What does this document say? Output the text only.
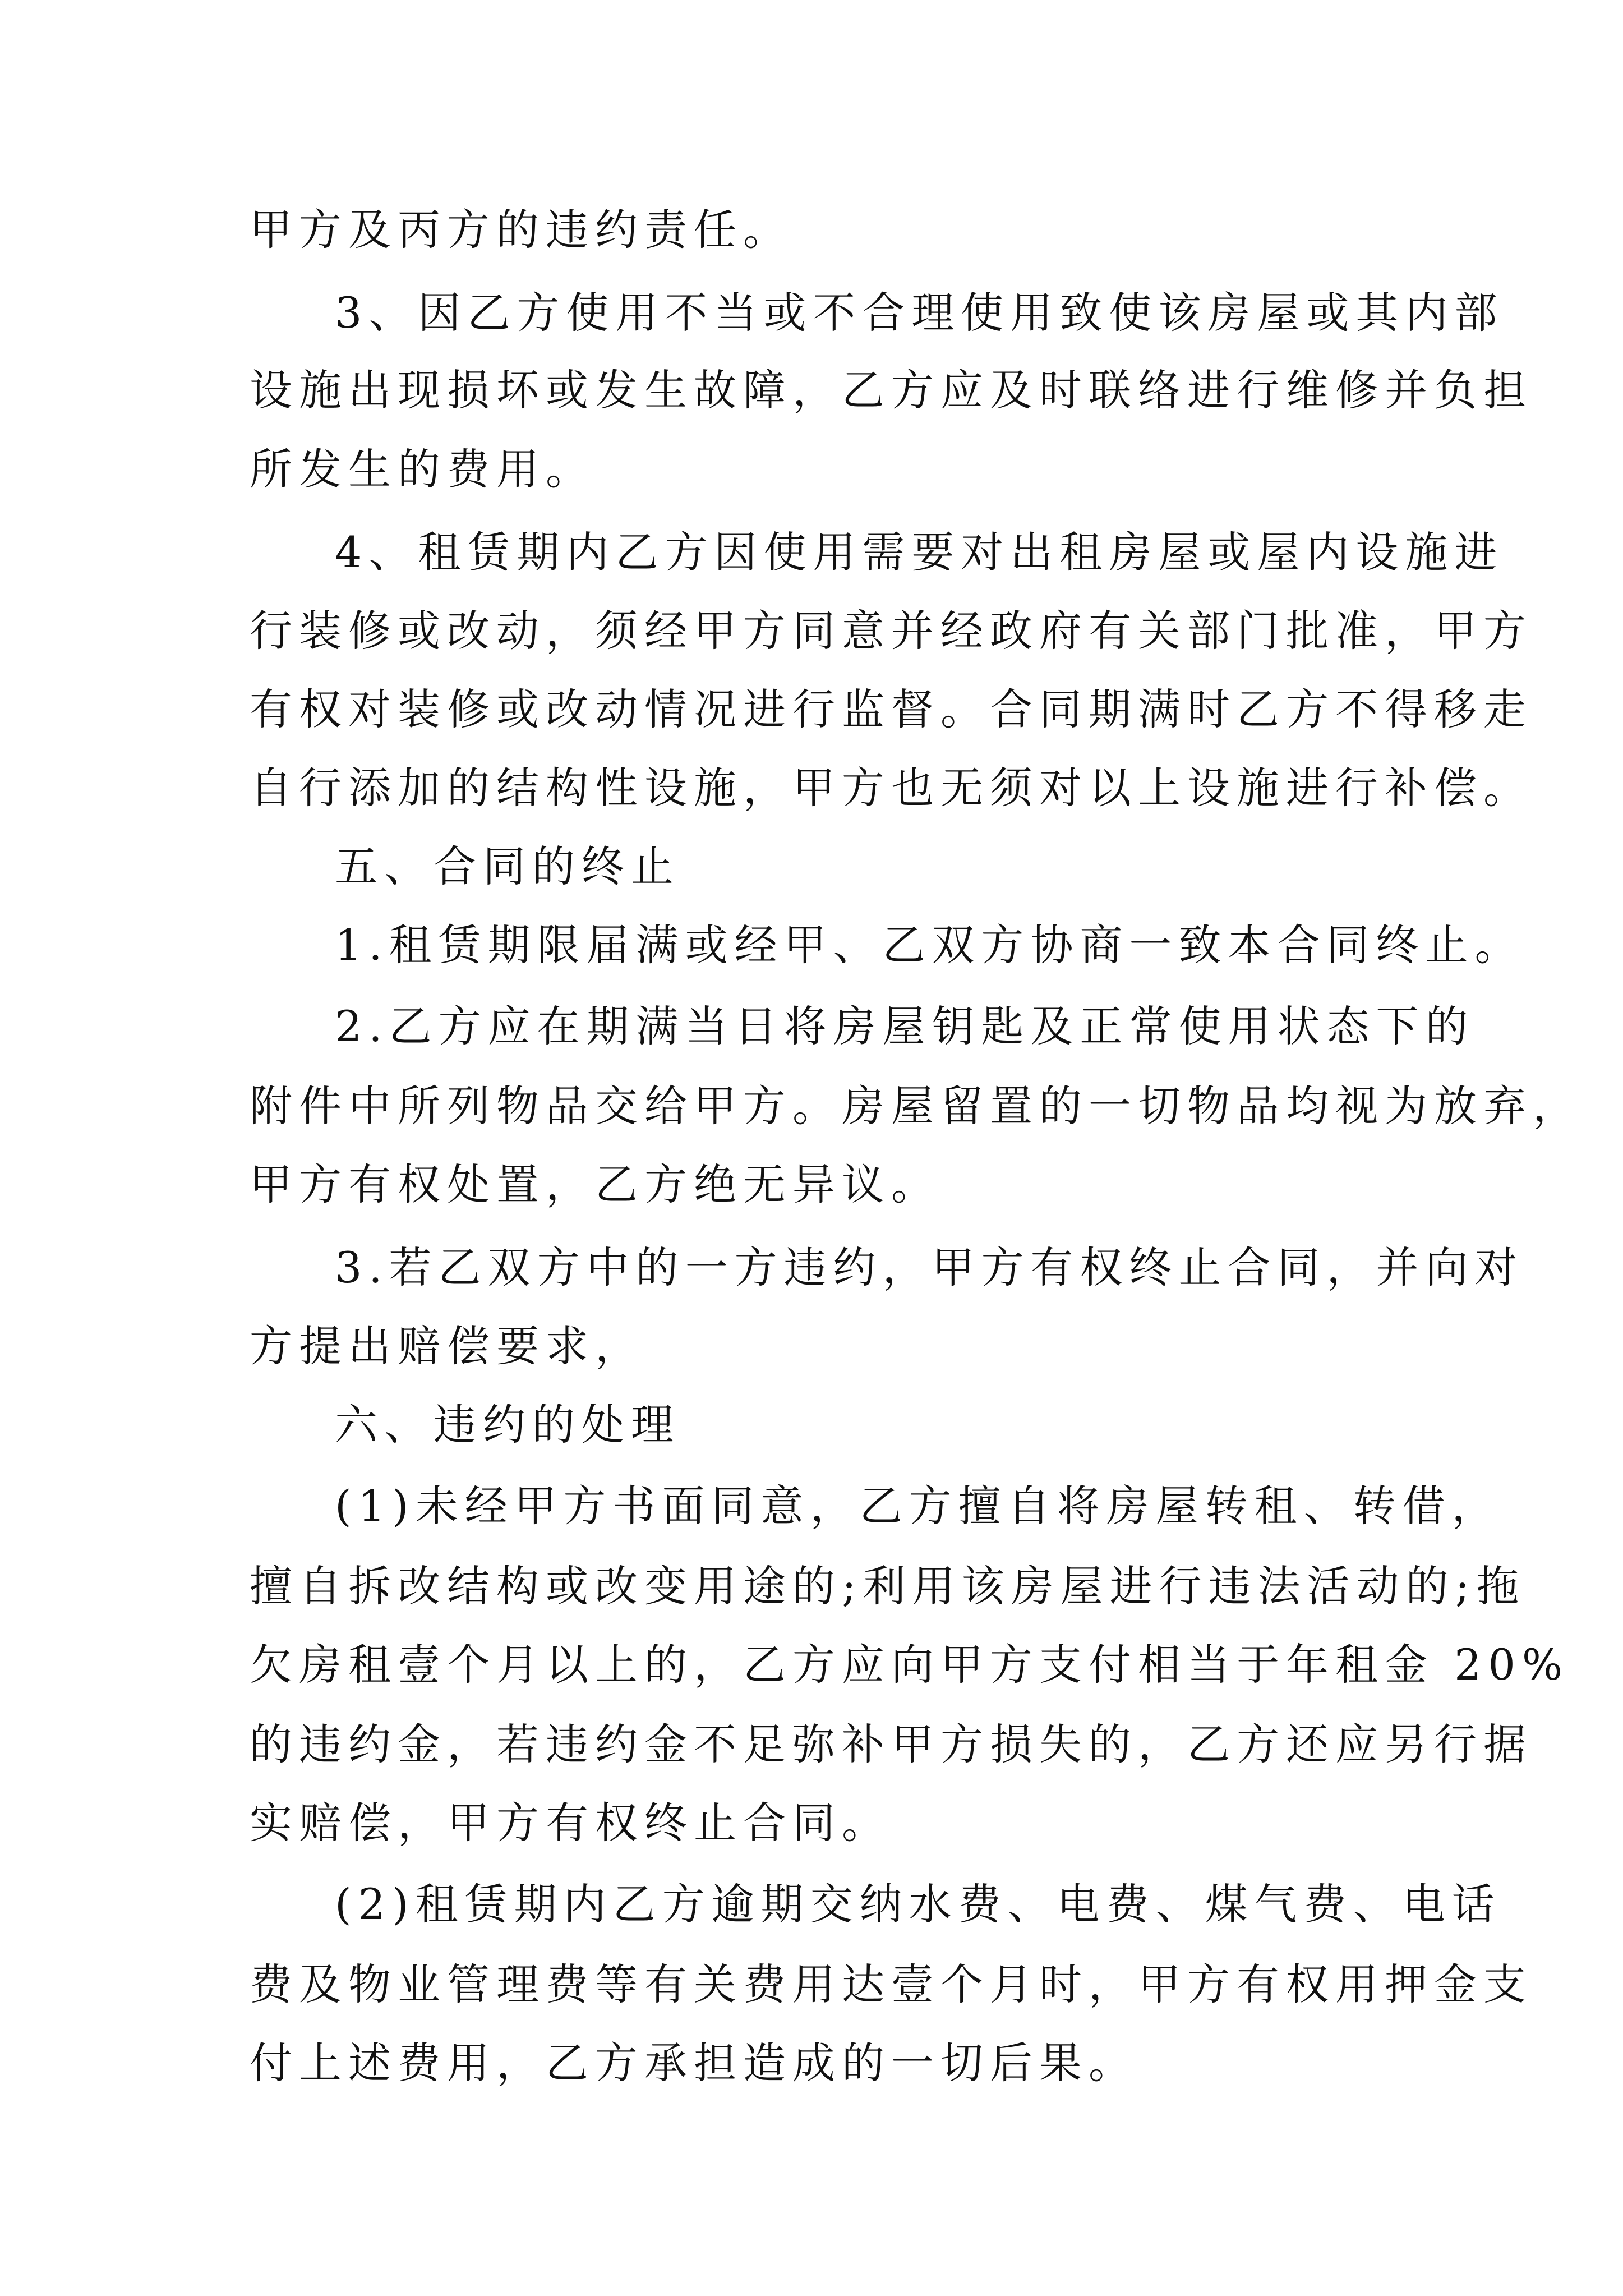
甲方及丙方的违约责任。
3、因乙方使用不当或不合理使用致使该房屋或其内部
设施出现损坏或发生故障，乙方应及时联络进行维修并负担
所发生的费用。
4、租赁期内乙方因使用需要对出租房屋或屋内设施进
行装修或改动，须经甲方同意并经政府有关部门批准，甲方
有权对装修或改动情况进行监督。合同期满时乙方不得移走
自行添加的结构性设施，甲方也无须对以上设施进行补偿。
五、合同的终止
1.租赁期限届满或经甲、乙双方协商一致本合同终止。
2.乙方应在期满当日将房屋钥匙及正常使用状态下的
附件中所列物品交给甲方。房屋留置的一切物品均视为放弃，
甲方有权处置，乙方绝无异议。
3.若乙双方中的一方违约，甲方有权终止合同，并向对
方提出赔偿要求，
六、违约的处理
(1)未经甲方书面同意，乙方擅自将房屋转租、转借，
擅自拆改结构或改变用途的;利用该房屋进行违法活动的;拖
欠房租壹个月以上的，乙方应向甲方支付相当于年租金 20%
的违约金，若违约金不足弥补甲方损失的，乙方还应另行据
实赔偿，甲方有权终止合同。
(2)租赁期内乙方逾期交纳水费、电费、煤气费、电话
费及物业管理费等有关费用达壹个月时，甲方有权用押金支
付上述费用，乙方承担造成的一切后果。
